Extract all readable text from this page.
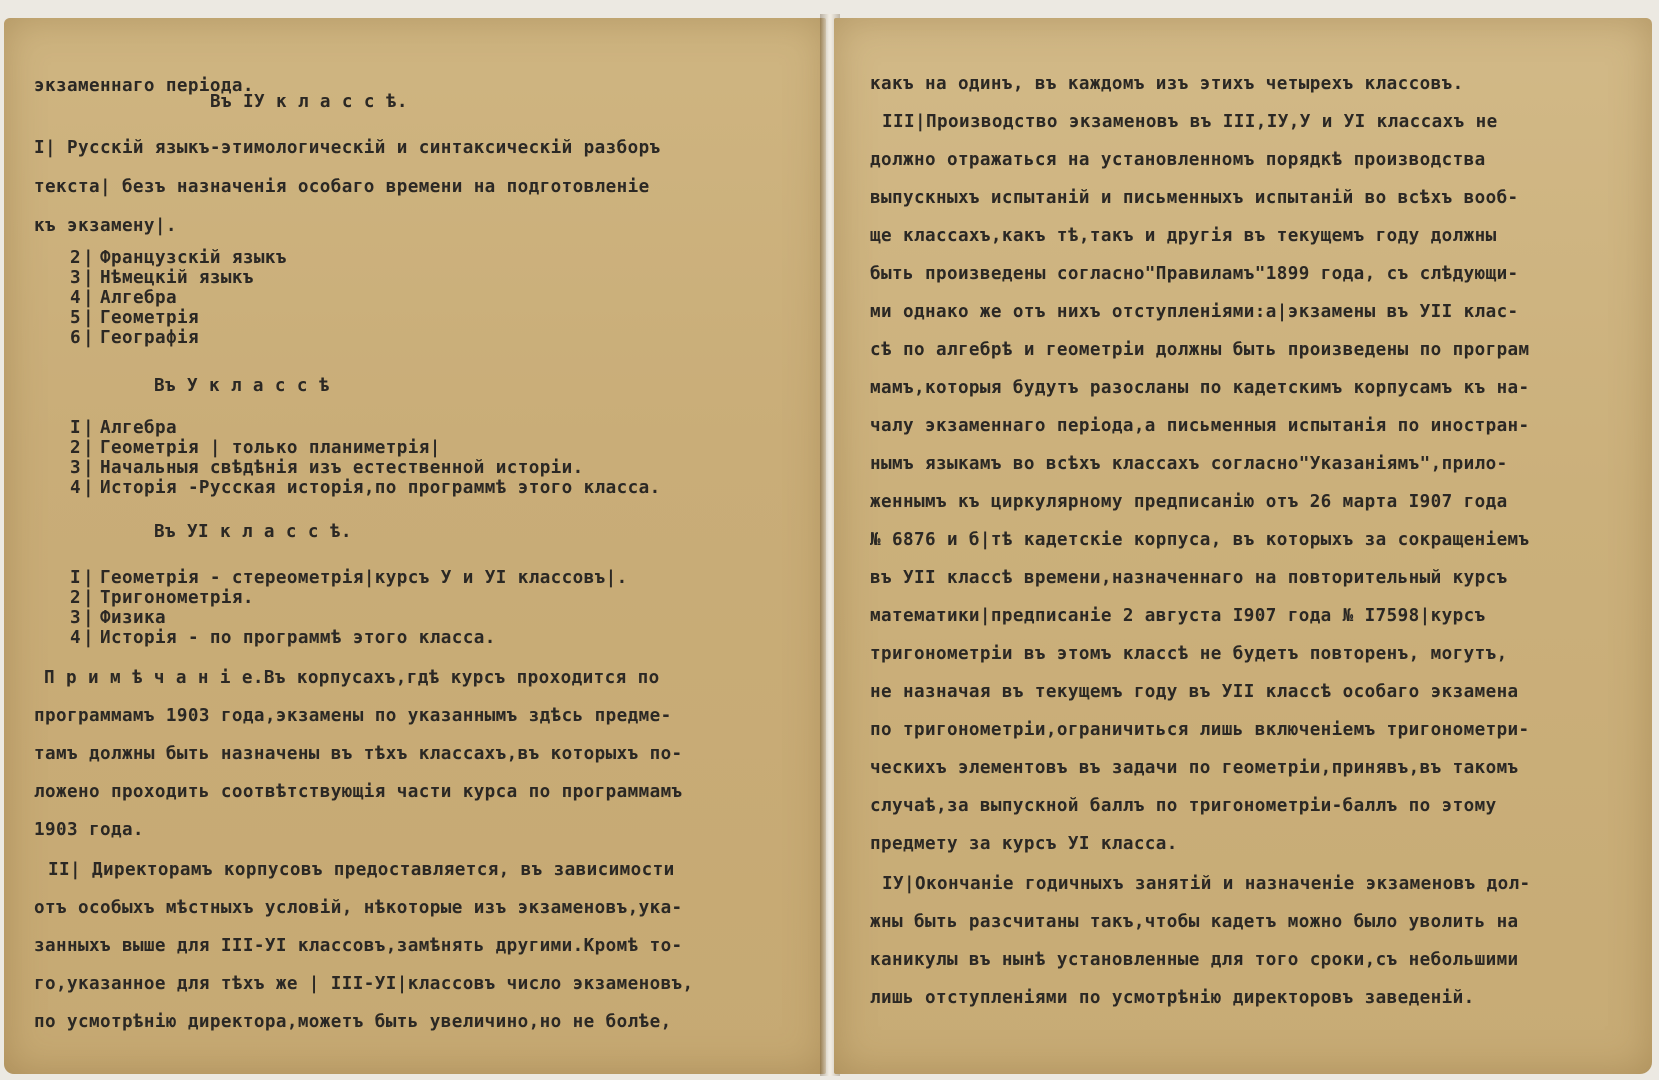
экзаменнаго періода.
Въ IУ к л а с с ѣ.
I| Русскій языкъ-этимологическій и синтаксическій разборъ
текста| безъ назначенія особаго времени на подготовленіе
къ экзамену|.
2 | Французскій языкъ
3 | Нѣмецкій языкъ
4 | Алгебра
5 | Геометрія
6 | Географія
Въ У к л а с с ѣ
I | Алгебра
2 | Геометрія | только планиметрія|
3 | Начальныя свѣдѣнія изъ естественной исторіи.
4 | Исторія -Русская исторія,по программѣ этого класса.
Въ УI к л а с с ѣ.
I | Геометрія - стереометрія|курсъ У и УI классовъ|.
2 | Тригонометрія.
3 | Физика
4 | Исторія - по программѣ этого класса.
П р и м ѣ ч а н і е.Въ корпусахъ,гдѣ курсъ проходится по
программамъ 1903 года,экзамены по указаннымъ здѣсь предме-
тамъ должны быть назначены въ тѣхъ классахъ,въ которыхъ по-
ложено проходить соотвѣтствующія части курса по программамъ
1903 года.
II| Директорамъ корпусовъ предоставляется, въ зависимости
отъ особыхъ мѣстныхъ условій, нѣкоторые изъ экзаменовъ,ука-
занныхъ выше для III-УI классовъ,замѣнять другими.Кромѣ то-
го,указанное для тѣхъ же | III-УI|классовъ число экзаменовъ,
по усмотрѣнію директора,можетъ быть увеличино,но не болѣе,
какъ на одинъ, въ каждомъ изъ этихъ четырехъ классовъ.
III|Производство экзаменовъ въ III,IУ,У и УI классахъ не
должно отражаться на установленномъ порядкѣ производства
выпускныхъ испытаній и письменныхъ испытаній во всѣхъ вооб-
ще классахъ,какъ тѣ,такъ и другія въ текущемъ году должны
быть произведены согласно"Правиламъ"1899 года, съ слѣдующи-
ми однако же отъ нихъ отступленіями:а|экзамены въ УII клас-
сѣ по алгебрѣ и геометріи должны быть произведены по програм
мамъ,которыя будутъ разосланы по кадетскимъ корпусамъ къ на-
чалу экзаменнаго періода,а письменныя испытанія по иностран-
нымъ языкамъ во всѣхъ классахъ согласно"Указаніямъ",прило-
женнымъ къ циркулярному предписанію отъ 26 марта I907 года
№ 6876 и б|тѣ кадетскіе корпуса, въ которыхъ за сокращеніемъ
въ УII классѣ времени,назначеннаго на повторительный курсъ
математики|предписаніе 2 августа I907 года № I7598|курсъ
тригонометріи въ этомъ классѣ не будетъ повторенъ, могутъ,
не назначая въ текущемъ году въ УII классѣ особаго экзамена
по тригонометріи,ограничиться лишь включеніемъ тригонометри-
ческихъ элементовъ въ задачи по геометріи,принявъ,въ такомъ
случаѣ,за выпускной баллъ по тригонометріи-баллъ по этому
предмету за курсъ УI класса.
IУ|Окончаніе годичныхъ занятій и назначеніе экзаменовъ дол-
жны быть разсчитаны такъ,чтобы кадетъ можно было уволить на
каникулы въ нынѣ установленные для того сроки,съ небольшими
лишь отступленіями по усмотрѣнію директоровъ заведеній.
